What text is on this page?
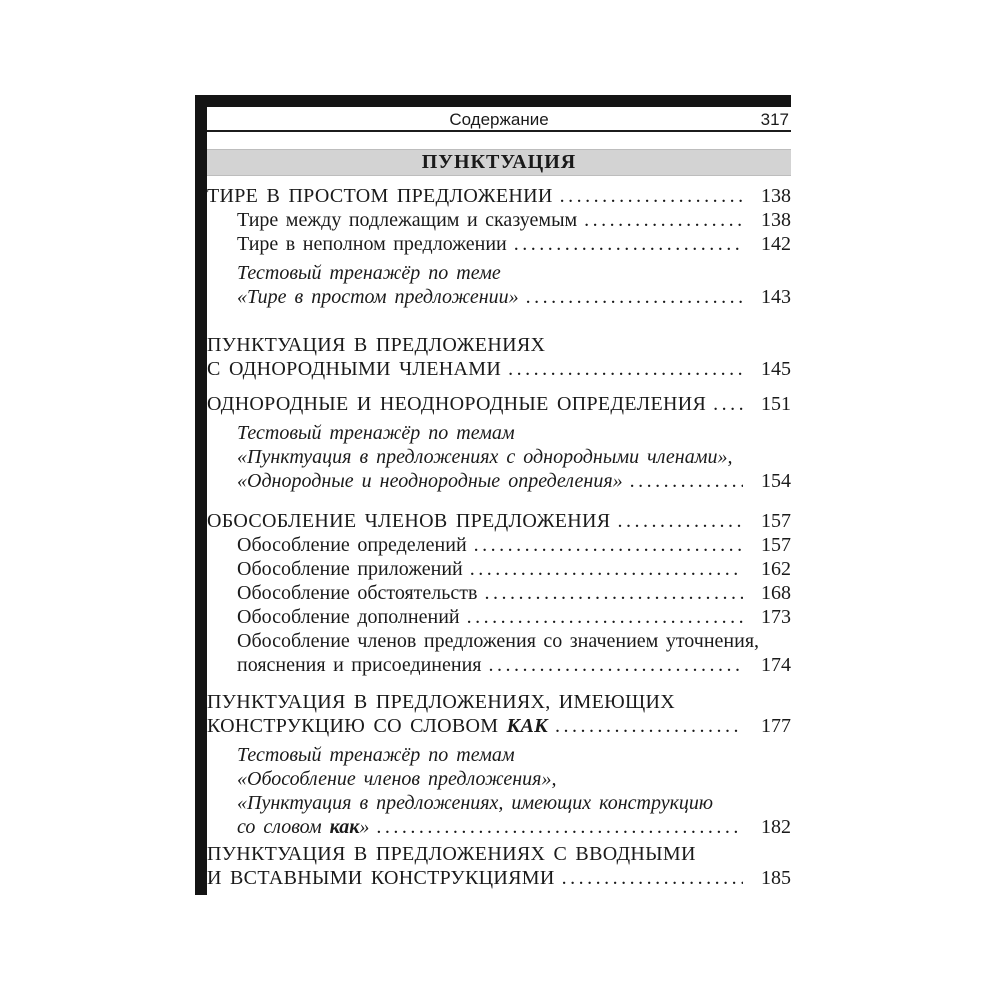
Содержание	317
ПУНКТУАЦИЯ
ТИРЕ В ПРОСТОМ ПРЕДЛОЖЕНИИ .....	138
Тире между подлежащим и сказуемым .....	138
Тире в неполном предложении .....	142
Тестовый тренажёр по теме
«Тире в простом предложении» .....	143
ПУНКТУАЦИЯ В ПРЕДЛОЖЕНИЯХ
С ОДНОРОДНЫМИ ЧЛЕНАМИ .....	145
ОДНОРОДНЫЕ И НЕОДНОРОДНЫЕ ОПРЕДЕЛЕНИЯ .....	151
Тестовый тренажёр по темам
«Пунктуация в предложениях с однородными членами»,
«Однородные и неоднородные определения» .....	154
ОБОСОБЛЕНИЕ ЧЛЕНОВ ПРЕДЛОЖЕНИЯ .....	157
Обособление определений .....	157
Обособление приложений .....	162
Обособление обстоятельств .....	168
Обособление дополнений .....	173
Обособление членов предложения со значением уточнения,
пояснения и присоединения .....	174
ПУНКТУАЦИЯ В ПРЕДЛОЖЕНИЯХ, ИМЕЮЩИХ
КОНСТРУКЦИЮ СО СЛОВОМ КАК .....	177
Тестовый тренажёр по темам
«Обособление членов предложения»,
«Пунктуация в предложениях, имеющих конструкцию
со словом как» .....	182
ПУНКТУАЦИЯ В ПРЕДЛОЖЕНИЯХ С ВВОДНЫМИ
И ВСТАВНЫМИ КОНСТРУКЦИЯМИ .....	185
